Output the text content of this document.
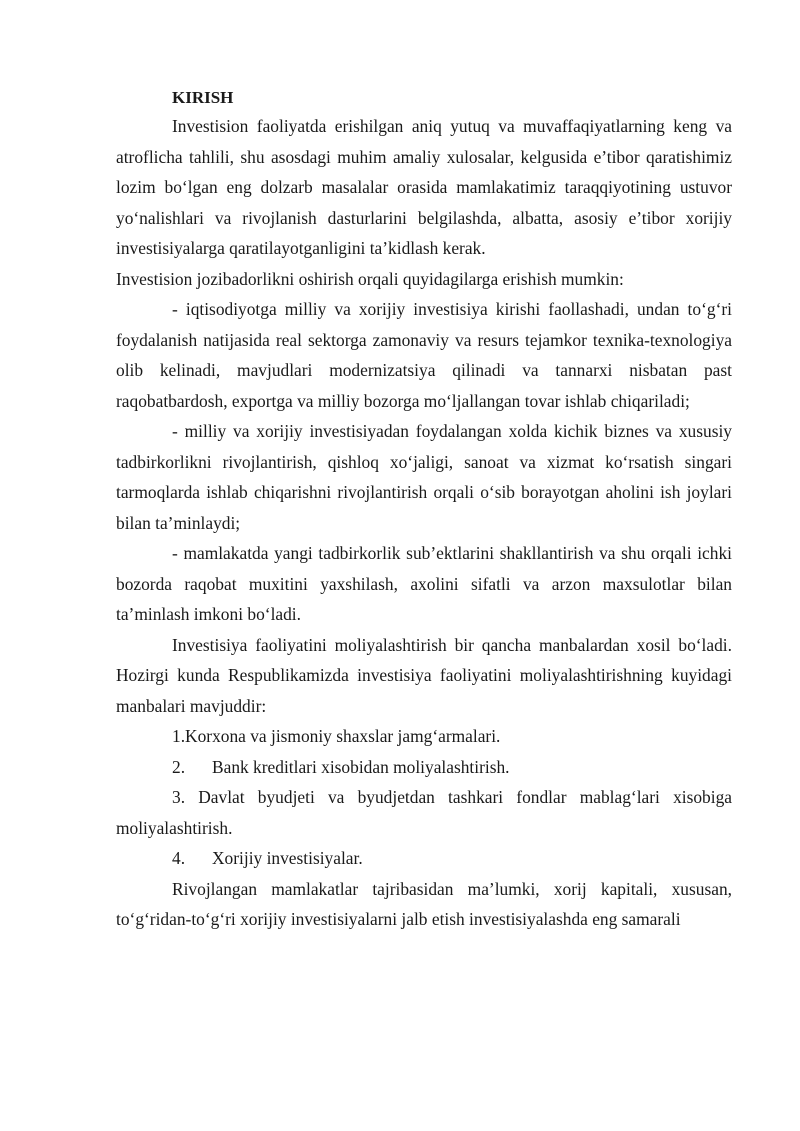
KIRISH

Investision faoliyatda erishilgan aniq yutuq va muvaffaqiyatlarning keng va atroflicha tahlili, shu asosdagi muhim amaliy xulosalar, kelgusida e’tibor qaratishimiz lozim bo‘lgan eng dolzarb masalalar orasida mamlakatimiz taraqqiyotining ustuvor yo‘nalishlari va rivojlanish dasturlarini belgilashda, albatta, asosiy e’tibor xorijiy investisiyalarga qaratilayotganligini ta’kidlash kerak.

Investision jozibadorlikni oshirish orqali quyidagilarga erishish mumkin:

- iqtisodiyotga milliy va xorijiy investisiya kirishi faollashadi, undan to‘g‘ri foydalanish natijasida real sektorga zamonaviy va resurs tejamkor texnika-texnologiya olib kelinadi, mavjudlari modernizatsiya qilinadi va tannarxi nisbatan past raqobatbardosh, exportga va milliy bozorga mo‘ljallangan tovar ishlab chiqariladi;

- milliy va xorijiy investisiyadan foydalangan xolda kichik biznes va xususiy tadbirkorlikni rivojlantirish, qishloq xo‘jaligi, sanoat va xizmat ko‘rsatish singari tarmoqlarda ishlab chiqarishni rivojlantirish orqali o‘sib borayotgan aholini ish joylari bilan ta’minlaydi;

- mamlakatda yangi tadbirkorlik sub’ektlarini shakllantirish va shu orqali ichki bozorda raqobat muxitini yaxshilash, axolini sifatli va arzon maxsulotlar bilan ta’minlash imkoni bo‘ladi.

Investisiya faoliyatini moliyalashtirish bir qancha manbalardan xosil bo‘ladi. Hozirgi kunda Respublikamizda investisiya faoliyatini moliyalashtirishning kuyidagi manbalari mavjuddir:

1.Korxona va jismoniy shaxslar jamg‘armalari.

2.	Bank kreditlari xisobidan moliyalashtirish.

3. Davlat byudjeti va byudjetdan tashkari fondlar mablag‘lari xisobiga moliyalashtirish.

4.	Xorijiy investisiyalar.

Rivojlangan mamlakatlar tajribasidan ma’lumki, xorij kapitali, xususan, to‘g‘ridan-to‘g‘ri xorijiy investisiyalarni jalb etish investisiyalashda eng samarali
